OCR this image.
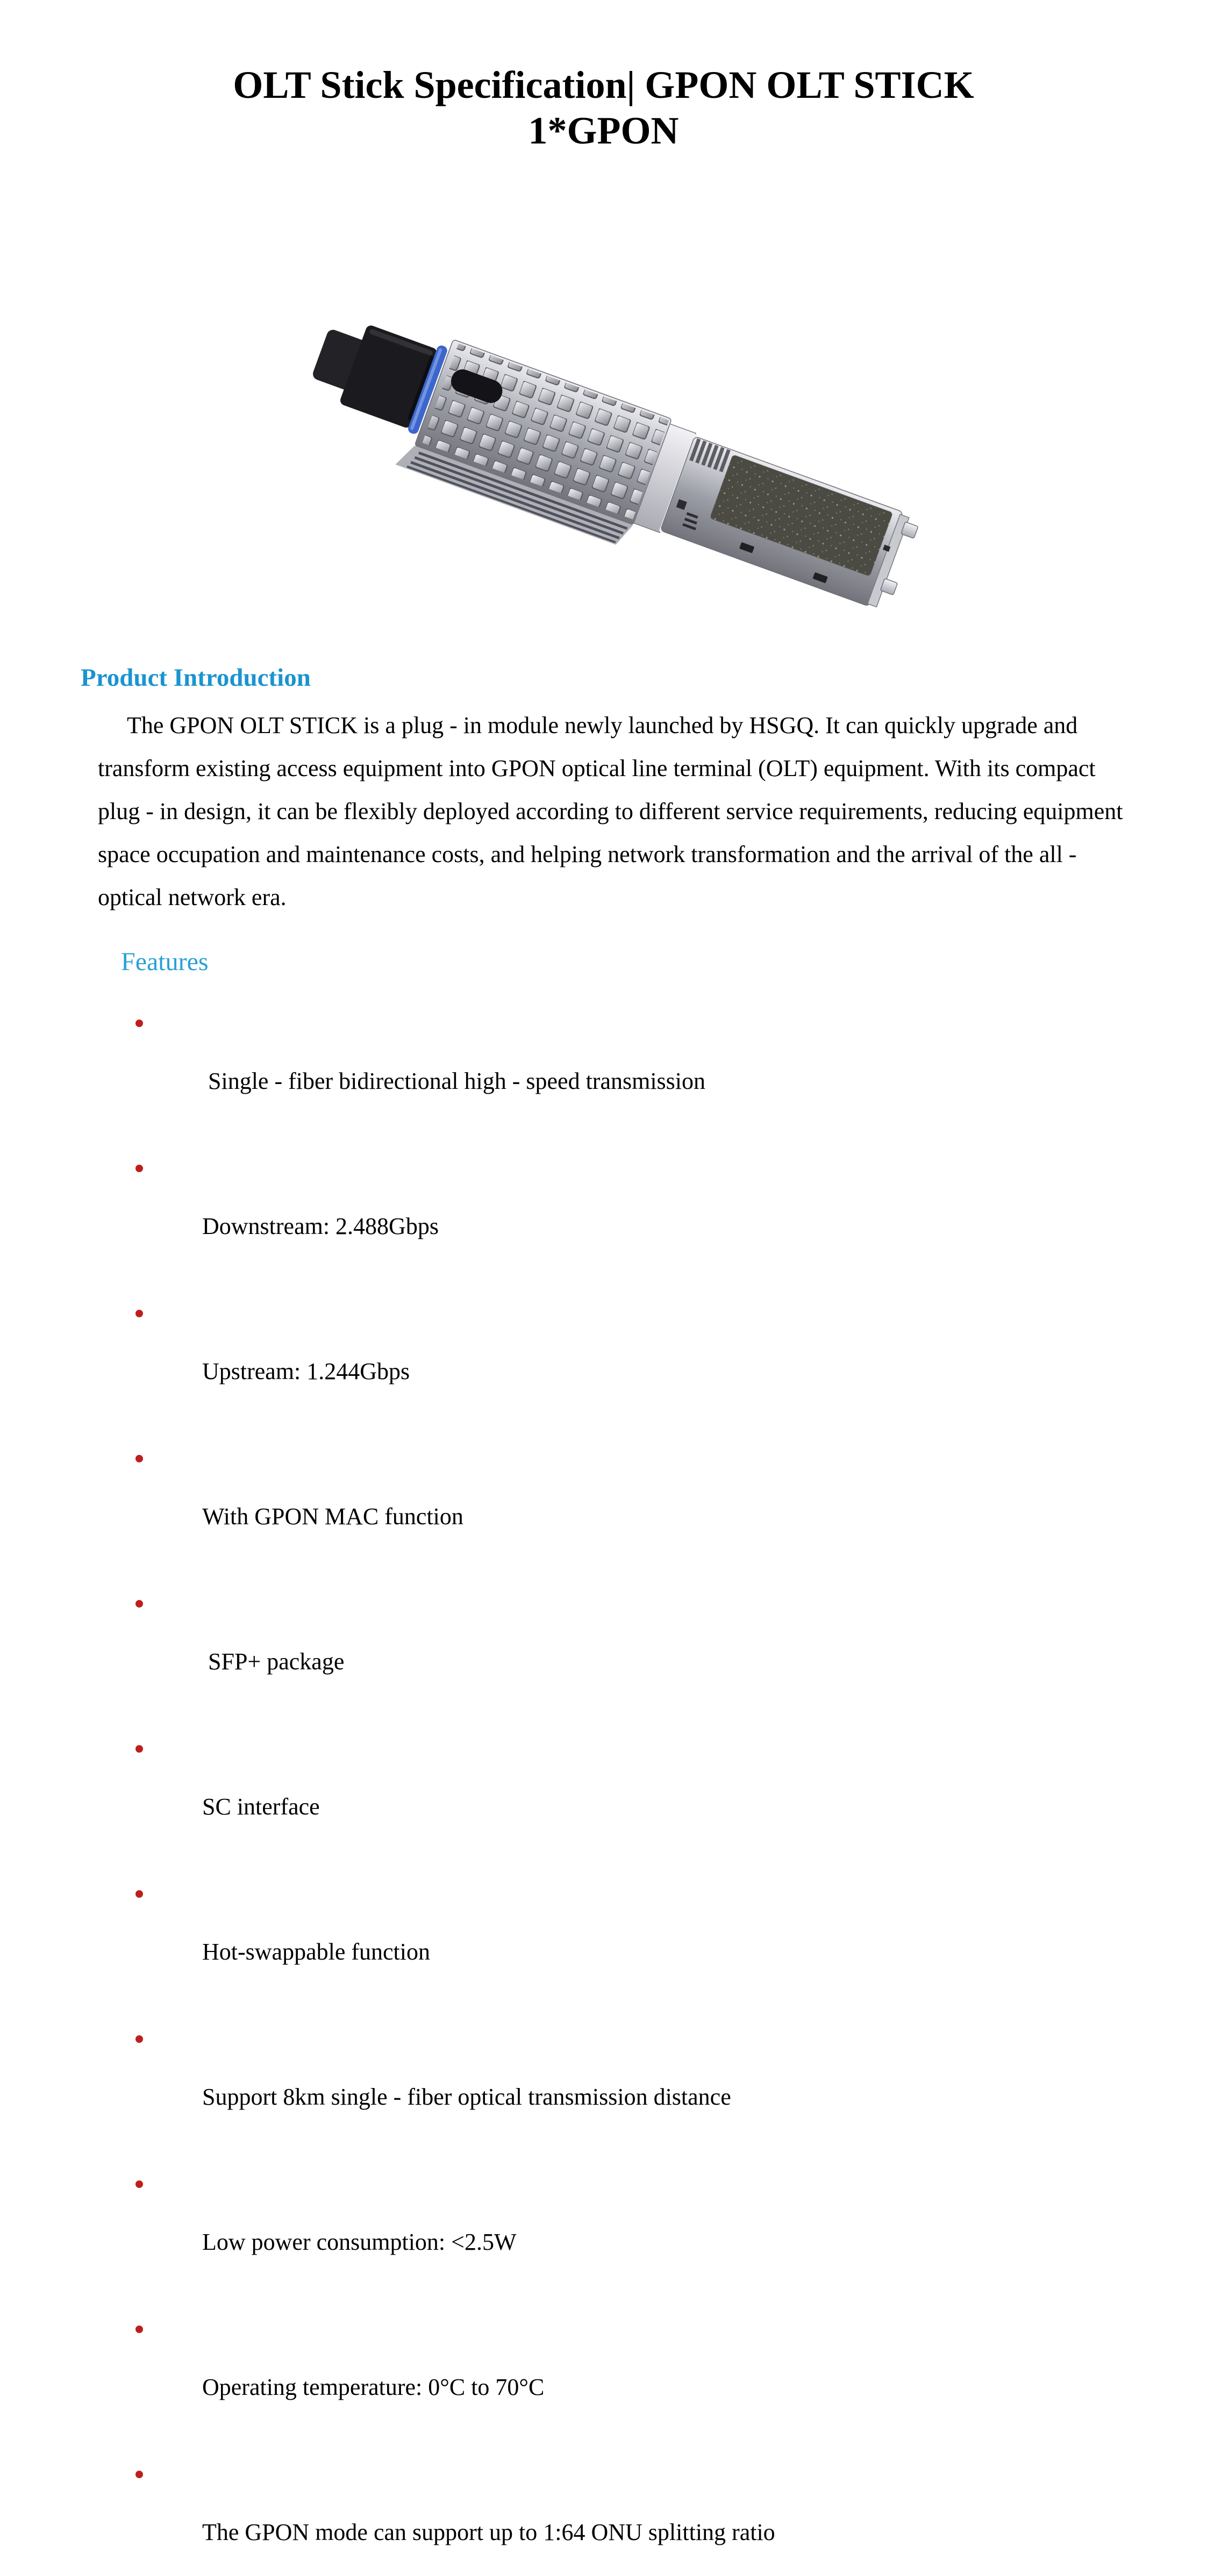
OLT Stick Specification| GPON OLT STICK
1*GPON
Product Introduction

The GPON OLT STICK is a plug - in module newly launched by HSGQ. It can quickly upgrade and transform existing access equipment into GPON optical line terminal (OLT) equipment. With its compact plug - in design, it can be flexibly deployed according to different service requirements, reducing equipment space occupation and maintenance costs, and helping network transformation and the arrival of the all - optical network era.

Features

Single - fiber bidirectional high - speed transmission

Downstream: 2.488Gbps

Upstream: 1.244Gbps

With GPON MAC function

SFP+ package

SC interface

Hot-swappable function

Support 8km single - fiber optical transmission distance

Low power consumption: <2.5W

Operating temperature: 0°C to 70°C

The GPON mode can support up to 1:64 ONU splitting ratio
